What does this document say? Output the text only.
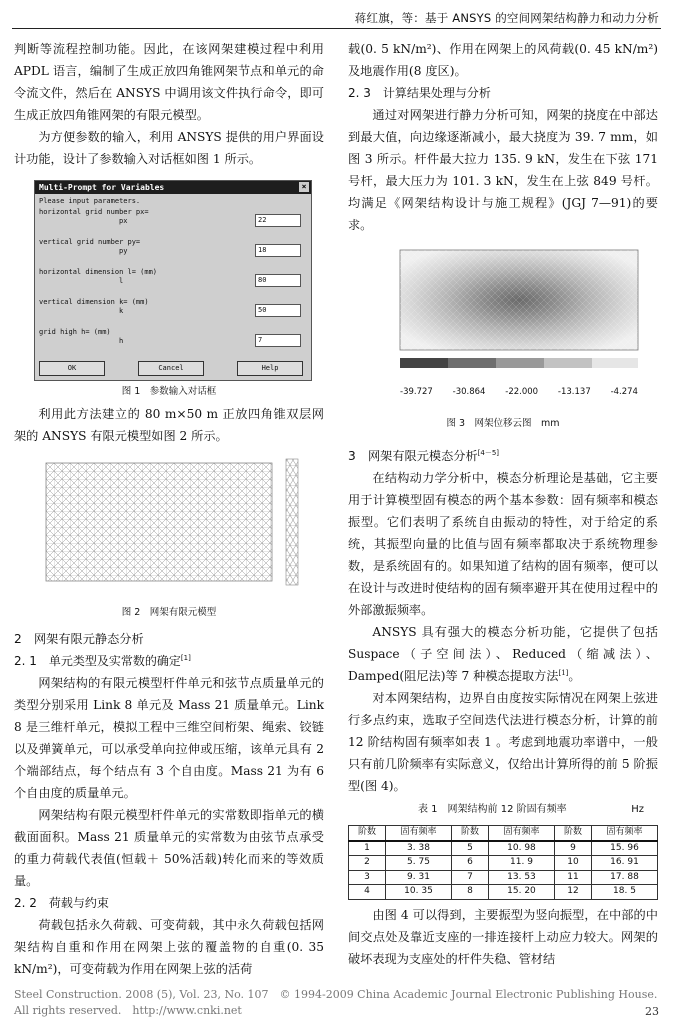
蒋红旗，等：基于 ANSYS 的空间网架结构静力和动力分析

判断等流程控制功能。因此，在该网架建模过程中利用 APDL 语言，编制了生成正放四角锥网架节点和单元的命令流文件，然后在 ANSYS 中调用该文件执行命令，即可生成正放四角锥网架的有限元模型。

为方便参数的输入，利用 ANSYS 提供的用户界面设计功能，设计了参数输入对话框如图 1 所示。

Multi-Prompt for Variables	×
Please input parameters.
horizontal grid number px=
px	22
vertical grid number py=
py	18
horizontal dimension l= (mm)
l	80
vertical dimension k= (mm)
k	50
grid high h= (mm)
h	7
OK	Cancel	Help
图 1　参数输入对话框

利用此方法建立的 80 m×50 m 正放四角锥双层网架的 ANSYS 有限元模型如图 2 所示。

图 2　网架有限元模型
2　网架有限元静态分析
2. 1　单元类型及实常数的确定[1]

网架结构的有限元模型杆件单元和弦节点质量单元的类型分别采用 Link 8 单元及 Mass 21 质量单元。Link 8 是三维杆单元，模拟工程中三维空间桁架、绳索、铰链以及弹簧单元，可以承受单向拉伸或压缩，该单元具有 2 个端部结点，每个结点有 3 个自由度。Mass 21 为有 6 个自由度的质量单元。

网架结构有限元模型杆件单元的实常数即指单元的横截面面积。Mass 21 质量单元的实常数为由弦节点承受的重力荷载代表值(恒载＋ 50%活载)转化而来的等效质量。

2. 2　荷载与约束

荷载包括永久荷载、可变荷载，其中永久荷载包括网架结构自重和作用在网架上弦的覆盖物的自重(0. 35 kN/m²)，可变荷载为作用在网架上弦的活荷

载(0. 5 kN/m²)、作用在网架上的风荷载(0. 45 kN/m²)及地震作用(8 度区)。

2. 3　计算结果处理与分析

通过对网架进行静力分析可知，网架的挠度在中部达到最大值，向边缘逐渐减小，最大挠度为 39. 7 mm，如图 3 所示。杆件最大拉力 135. 9 kN，发生在下弦 171 号杆，最大压力为 101. 3 kN，发生在上弦 849 号杆。均满足《网架结构设计与施工规程》(JGJ 7—91)的要求。

-39.727 -30.864 -22.000 -13.137 -4.274
图 3　网架位移云图　mm
3　网架有限元模态分析[4－5]

在结构动力学分析中，模态分析理论是基础，它主要用于计算模型固有模态的两个基本参数：固有频率和模态振型。它们表明了系统自由振动的特性，对于给定的系统，其振型向量的比值与固有频率都取决于系统物理参数，是系统固有的。如果知道了结构的固有频率，便可以在设计与改进时使结构的固有频率避开其在使用过程中的外部激振频率。

ANSYS 具有强大的模态分析功能，它提供了包括 Suspace（子空间法）、Reduced（缩减法）、Damped(阻尼法)等 7 种模态提取方法[1]。

对本网架结构，边界自由度按实际情况在网架上弦进行多点约束，选取子空间迭代法进行模态分析，计算的前 12 阶结构固有频率如表 1 。考虑到地震功率谱中，一般只有前几阶频率有实际意义，仅给出计算所得的前 5 阶振型(图 4)。

表 1　网架结构前 12 阶固有频率	Hz
阶数	固有频率	阶数	固有频率	阶数	固有频率
1	3. 38	5	10. 98	9	15. 96
2	5. 75	6	11. 9	10	16. 91
3	9. 31	7	13. 53	11	17. 88
4	10. 35	8	15. 20	12	18. 5

由图 4 可以得到，主要振型为竖向振型，在中部的中间交点处及靠近支座的一排连接杆上动应力较大。网架的破坏表现为支座处的杆件失稳、管材结

Steel Construction. 2008 (5), Vol. 23, No. 107　© 1994-2009 China Academic Journal Electronic Publishing House. All rights reserved.　http://www.cnki.net	23
